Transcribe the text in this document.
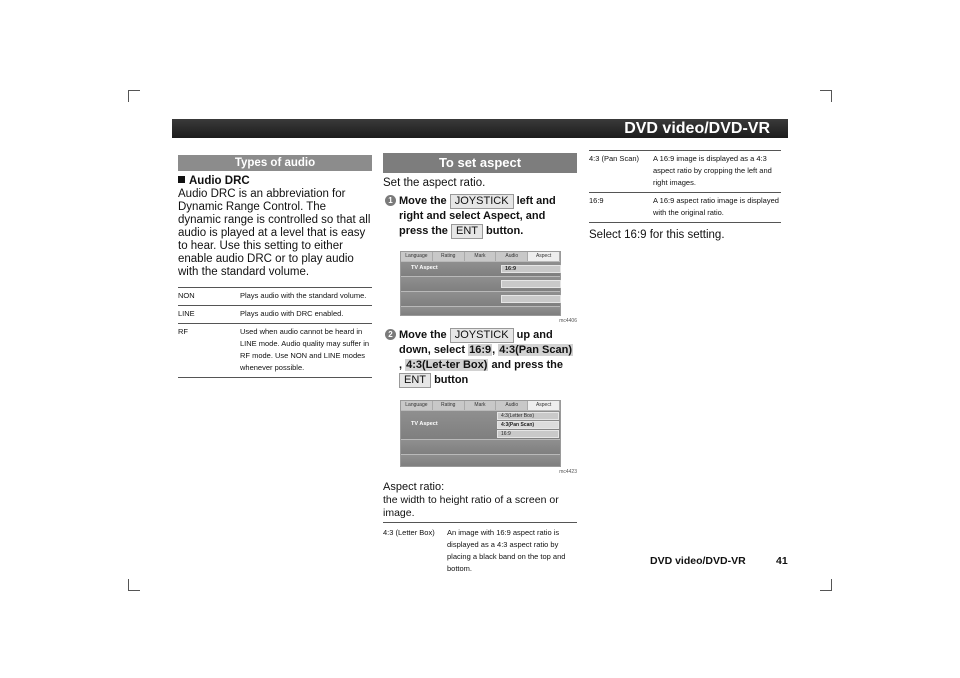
DVD video/DVD-VR
Types of audio
Audio DRC

Audio DRC is an abbreviation for Dynamic Range Control. The dynamic range is controlled so that all audio is played at a level that is easy to hear. Use this setting to either enable audio DRC or to play audio with the standard volume.

NON	Plays audio with the standard volume.
LINE	Plays audio with DRC enabled.
RF	Used when audio cannot be heard in LINE mode. Audio quality may suffer in RF mode. Use NON and LINE modes whenever possible.
To set aspect

Set the aspect ratio.

1 Move the JOYSTICK left and right and select Aspect, and press the ENT button.
Language	Rating	Mark	Audio	Aspect
TV Aspect	16:9
mc4406
2 Move the JOYSTICK up and down, select 16:9, 4:3(Pan Scan) , 4:3(Let-ter Box) and press the ENT button
Language	Rating	Mark	Audio	Aspect
TV Aspect
4:3(Letter Box)
4:3(Pan Scan)
16:9
mc4423
Aspect ratio:
the width to height ratio of a screen or image.
4:3 (Letter Box)	An image with 16:9 aspect ratio is displayed as a 4:3 aspect ratio by placing a black band on the top and bottom.
4:3 (Pan Scan)	A 16:9 image is displayed as a 4:3 aspect ratio by cropping the left and right images.
16:9	A 16:9 aspect ratio image is displayed with the original ratio.

Select 16:9 for this setting.

DVD video/DVD-VR	41
